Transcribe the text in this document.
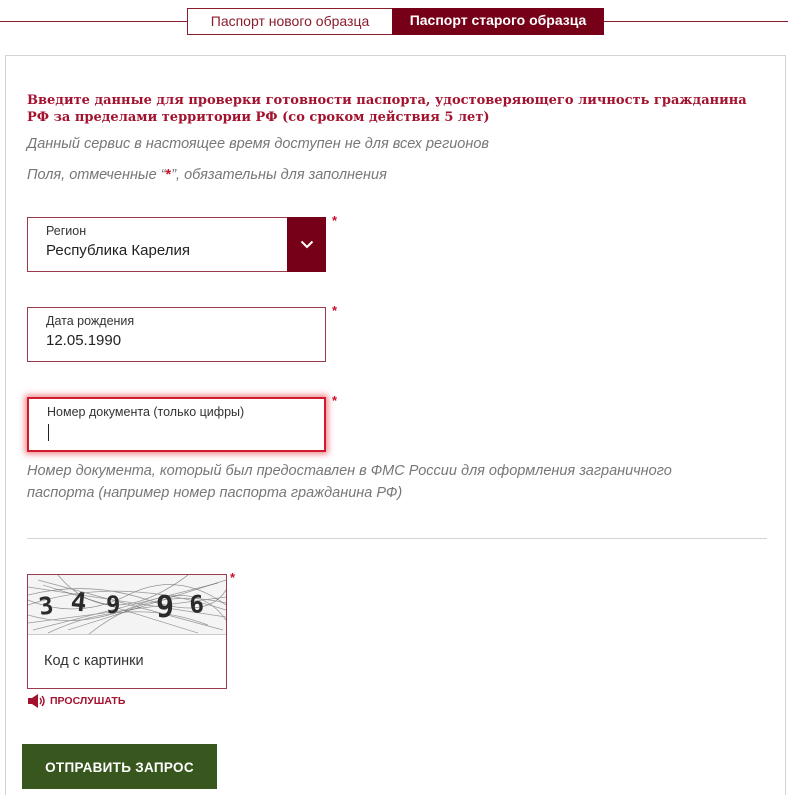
Паспорт нового образца	Паспорт старого образца
Введите данные для проверки готовности паспорта, удостоверяющего личность гражданина РФ за пределами территории РФ (со сроком действия 5 лет)
Данный сервис в настоящее время доступен не для всех регионов
Поля, отмеченные “*”, обязательны для заполнения
Регион
Республика Карелия
*
Дата рождения
12.05.1990
*
Номер документа (только цифры)
*
Номер документа, который был предоставлен в ФМС России для оформления заграничного паспорта (например номер паспорта гражданина РФ)
3 4 9 9 6
Код с картинки
*
ПРОСЛУШАТЬ
ОТПРАВИТЬ ЗАПРОС
